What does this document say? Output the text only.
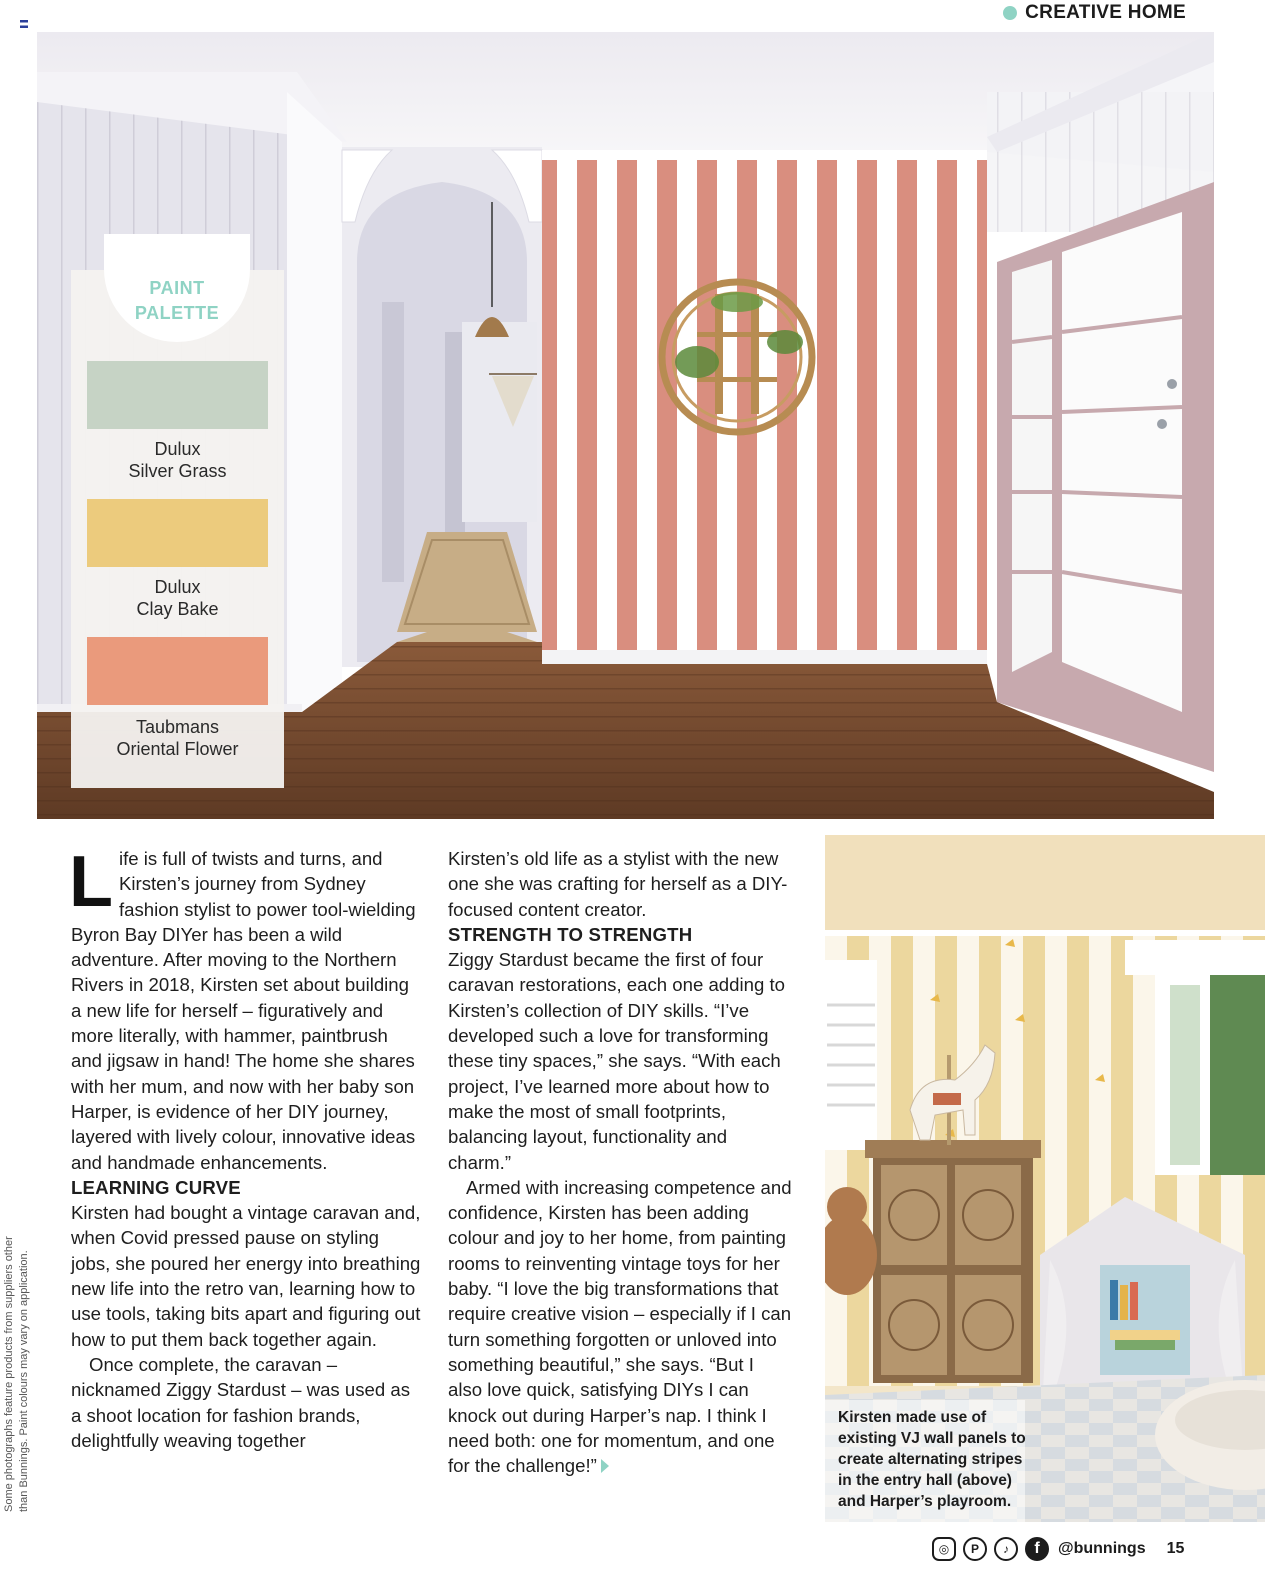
CREATIVE HOME
PAINT
PALETTE
Dulux
Silver Grass
Dulux
Clay Bake
Taubmans
Oriental Flower

Life is full of twists and turns, and Kirsten’s journey from Sydney fashion stylist to power tool-wielding Byron Bay DIYer has been a wild adventure. After moving to the Northern Rivers in 2018, Kirsten set about building a new life for herself – figuratively and more literally, with hammer, paintbrush and jigsaw in hand! The home she shares with her mum, and now with her baby son Harper, is evidence of her DIY journey, layered with lively colour, innovative ideas and handmade enhancements.

LEARNING CURVE

Kirsten had bought a vintage caravan and, when Covid pressed pause on styling jobs, she poured her energy into breathing new life into the retro van, learning how to use tools, taking bits apart and figuring out how to put them back together again.

Once complete, the caravan – nicknamed Ziggy Stardust – was used as a shoot location for fashion brands, delightfully weaving together

Kirsten’s old life as a stylist with the new one she was crafting for herself as a DIY-focused content creator.

STRENGTH TO STRENGTH

Ziggy Stardust became the first of four caravan restorations, each one adding to Kirsten’s collection of DIY skills. “I’ve developed such a love for transforming these tiny spaces,” she says. “With each project, I’ve learned more about how to make the most of small footprints, balancing layout, functionality and charm.”

Armed with increasing competence and confidence, Kirsten has been adding colour and joy to her home, from painting rooms to reinventing vintage toys for her baby. “I love the big transformations that require creative vision – especially if I can turn something forgotten or unloved into something beautiful,” she says. “But I also love quick, satisfying DIYs I can knock out during Harper’s nap. I think I need both: one for momentum, and one for the challenge!”

Kirsten made use of existing VJ wall panels to create alternating stripes in the entry hall (above) and Harper’s playroom.
Some photographs feature products from suppliers other than Bunnings. Paint colours may vary on application.
◎	P	♪	f	@bunnings 15
